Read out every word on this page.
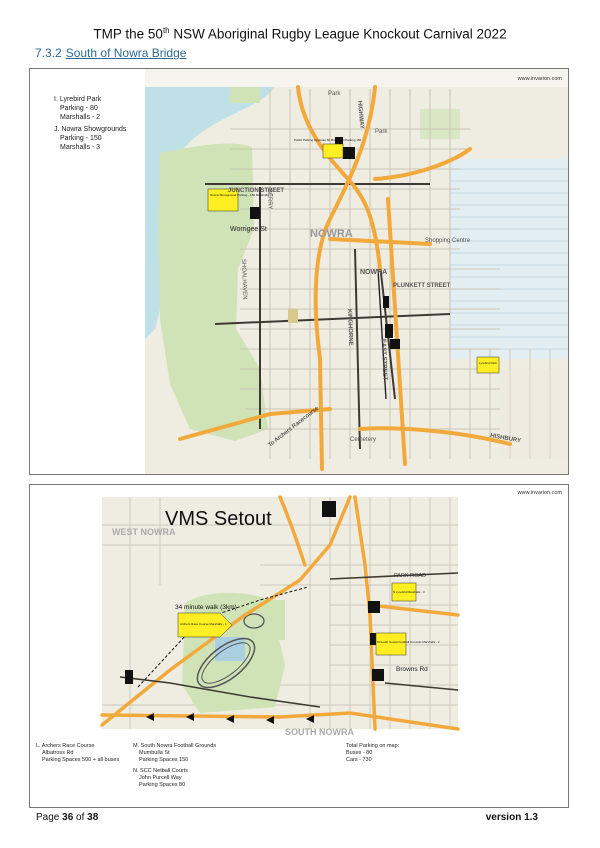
TMP the 50th NSW Aboriginal Rugby League Knockout Carnival 2022
7.3.2 South of Nowra Bridge
I. Lyrebird Park
Parking - 80
Marshalls - 2
J. Nowra Showgrounds
Parking - 150
Marshalls - 3
www.invarion.com
Park
Park
HIGHWAY
JUNCTION STREET
Worrigee St	NOWRA
NOWRA
PLUNKETT STREET
KINGHORNE
EAST STREET
BERRY
SHOALHAVEN
Shopping Centre
Cemetery
To Archers Racecourse	HISHBURY
Nowra Showground Parking - 150 Marshalls - 3
Public Parking Opposite 60 Bridge Rd Parking 150
Lyrebird Park
VMS Setout
www.invarion.com
WEST NOWRA
SOUTH NOWRA
34 minute walk (3km)
Browns Rd
PARK ROAD
Archers Race Course Marshalls - 1
N Lyrebird Marshalls - 0
M South Nowra Football Grounds Marshalls - 2
L. Archers Race Course
Albatross Rd
Parking Spaces 500 + all buses
M. South Nowra Football Grounds
Mumbulla St
Parking Spaces 150
N. SCC Netball Courts
John Purcell Way
Parking Spaces 80
Total Parking on map:
Buses - 80
Cars - 730
Page 36 of 38	version 1.3
